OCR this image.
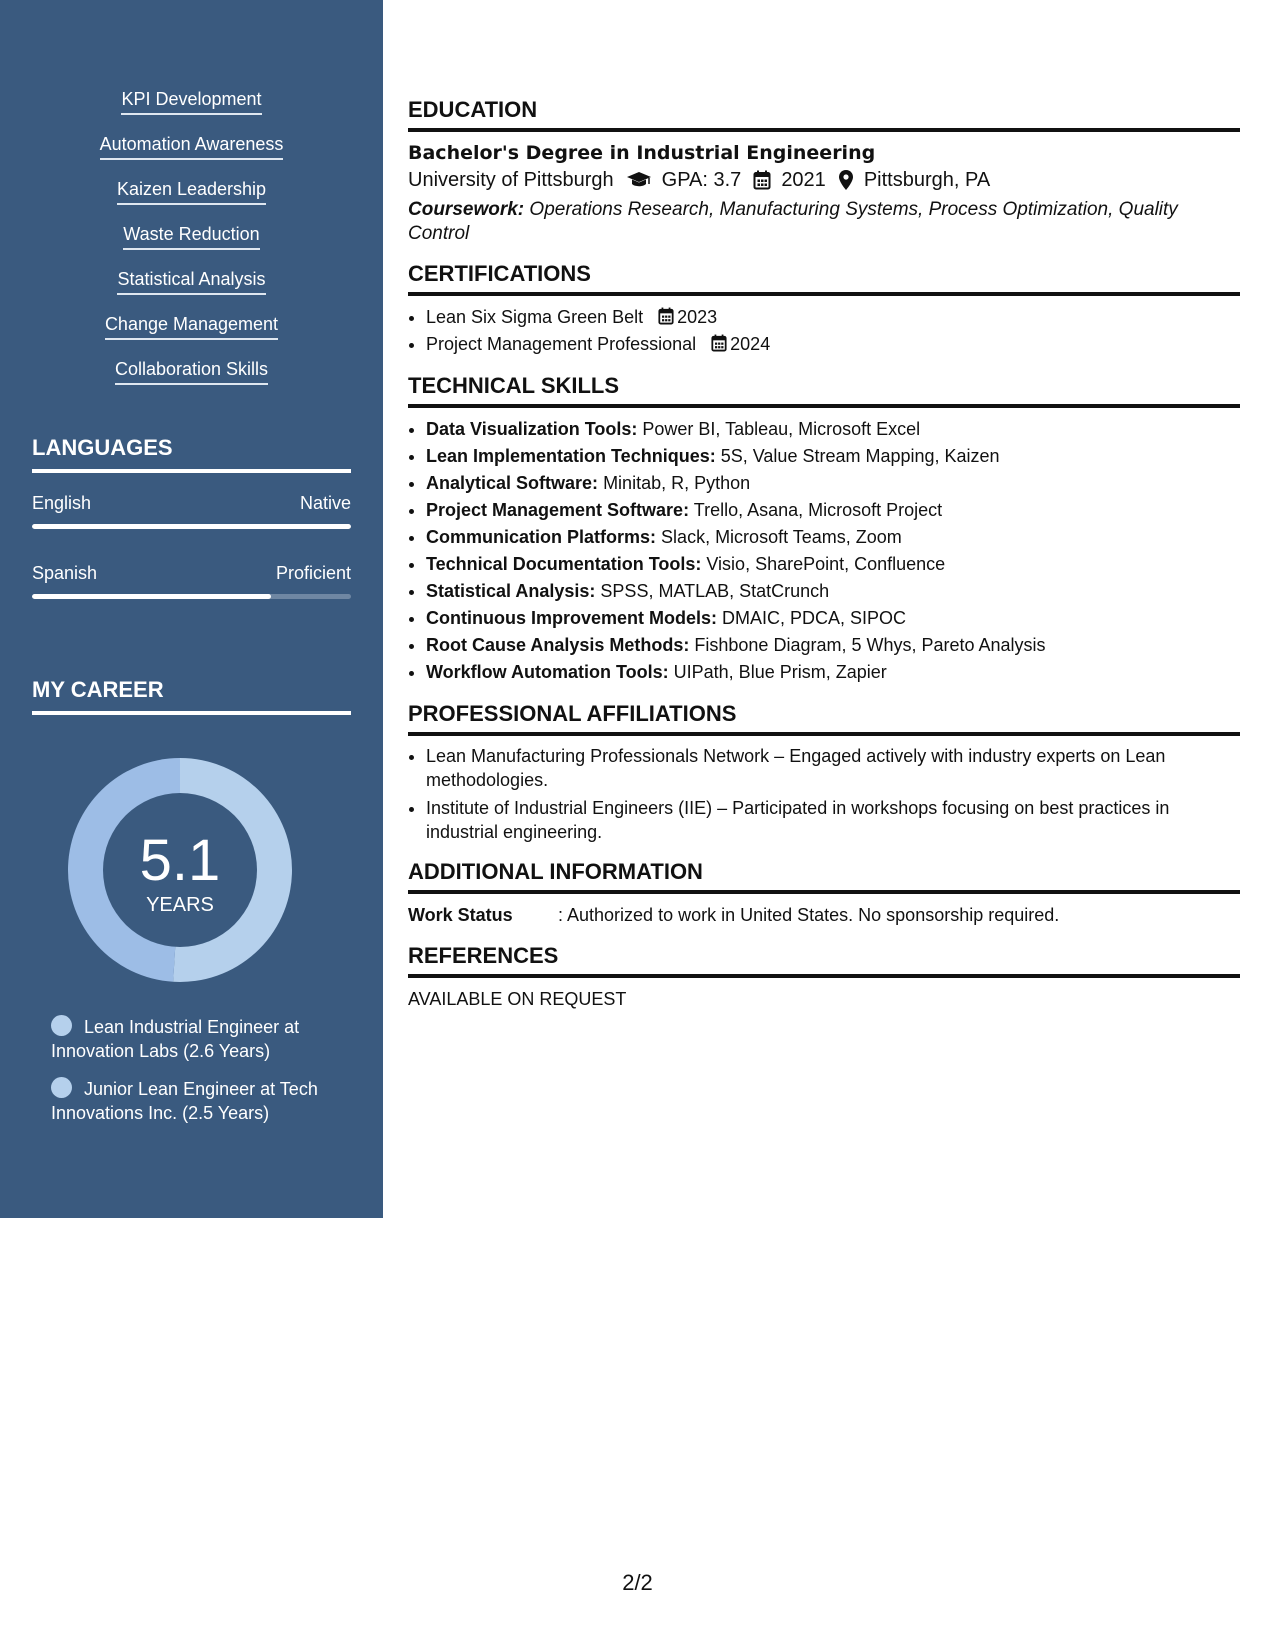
KPI Development
Automation Awareness
Kaizen Leadership
Waste Reduction
Statistical Analysis
Change Management
Collaboration Skills
LANGUAGES
English	Native
Spanish	Proficient
MY CAREER
5.1
YEARS
Lean Industrial Engineer at Innovation Labs (2.6 Years)
Junior Lean Engineer at Tech Innovations Inc. (2.5 Years)
EDUCATION
Bachelor's Degree in Industrial Engineering
University of Pittsburgh GPA: 3.7 2021 Pittsburgh, PA
Coursework: Operations Research, Manufacturing Systems, Process Optimization, Quality Control
CERTIFICATIONS
• Lean Six Sigma Green Belt 2023
• Project Management Professional 2024
TECHNICAL SKILLS
• Data Visualization Tools: Power BI, Tableau, Microsoft Excel
• Lean Implementation Techniques: 5S, Value Stream Mapping, Kaizen
• Analytical Software: Minitab, R, Python
• Project Management Software: Trello, Asana, Microsoft Project
• Communication Platforms: Slack, Microsoft Teams, Zoom
• Technical Documentation Tools: Visio, SharePoint, Confluence
• Statistical Analysis: SPSS, MATLAB, StatCrunch
• Continuous Improvement Models: DMAIC, PDCA, SIPOC
• Root Cause Analysis Methods: Fishbone Diagram, 5 Whys, Pareto Analysis
• Workflow Automation Tools: UIPath, Blue Prism, Zapier
PROFESSIONAL AFFILIATIONS
• Lean Manufacturing Professionals Network – Engaged actively with industry experts on Lean methodologies.
• Institute of Industrial Engineers (IIE) – Participated in workshops focusing on best practices in industrial engineering.
ADDITIONAL INFORMATION
Work Status	: Authorized to work in United States. No sponsorship required.
REFERENCES
AVAILABLE ON REQUEST
2/2
